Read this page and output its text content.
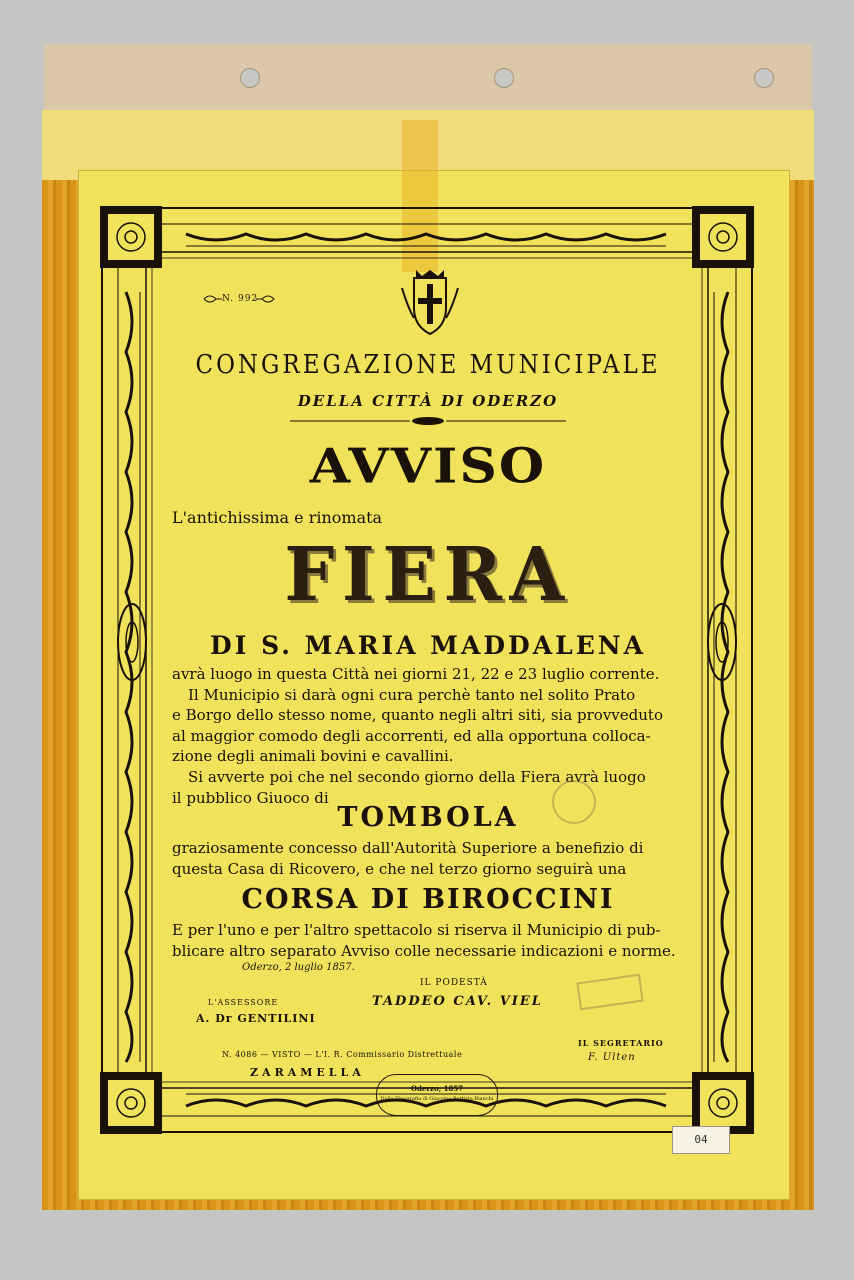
N. 992
CONGREGAZIONE MUNICIPALE
DELLA CITTÀ DI ODERZO
AVVISO
L'antichissima e rinomata
FIERA
DI S. MARIA MADDALENA

avrà luogo in questa Città nei giorni 21, 22 e 23 luglio corrente.

Il Municipio si darà ogni cura perchè tanto nel solito Prato

e Borgo dello stesso nome, quanto negli altri siti, sia provveduto

al maggior comodo degli accorrenti, ed alla opportuna colloca-

zione degli animali bovini e cavallini.

Si avverte poi che nel secondo giorno della Fiera avrà luogo

il pubblico Giuoco di

TOMBOLA

graziosamente concesso dall'Autorità Superiore a benefizio di

questa Casa di Ricovero, e che nel terzo giorno seguirà una

CORSA DI BIROCCINI

E per l'uno e per l'altro spettacolo si riserva il Municipio di pub-

blicare altro separato Avviso colle necessarie indicazioni e norme.

Oderzo, 2 luglio 1857.
IL PODESTÀ
TADDEO CAV. VIEL
L'ASSESSORE
A. Dr GENTILINI
IL SEGRETARIO
F. Ulten
N. 4086 — VISTO — L'I. R. Commissario Distrettuale
ZARAMELLA
Oderzo, 1857
Dalla Tipografia di Giacomo Battista Bianchi
04
